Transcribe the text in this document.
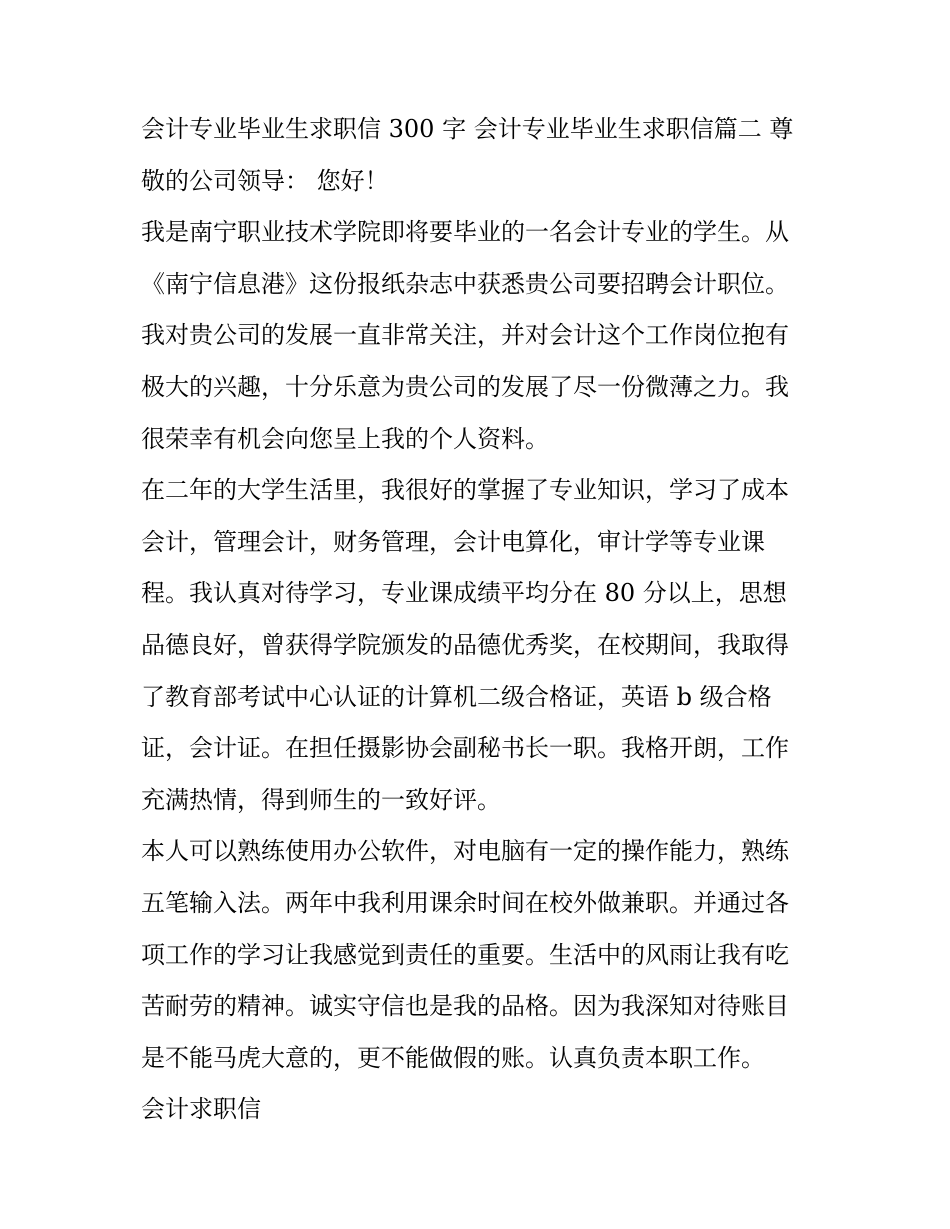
会计专业毕业生求职信 300 字 会计专业毕业生求职信篇二 尊
敬的公司领导： 您好！
我是南宁职业技术学院即将要毕业的一名会计专业的学生。从
《南宁信息港》这份报纸杂志中获悉贵公司要招聘会计职位。
我对贵公司的发展一直非常关注，并对会计这个工作岗位抱有
极大的兴趣，十分乐意为贵公司的发展了尽一份微薄之力。我
很荣幸有机会向您呈上我的个人资料。
在二年的大学生活里，我很好的掌握了专业知识，学习了成本
会计，管理会计，财务管理，会计电算化，审计学等专业课
程。我认真对待学习，专业课成绩平均分在 80 分以上，思想
品德良好，曾获得学院颁发的品德优秀奖，在校期间，我取得
了教育部考试中心认证的计算机二级合格证，英语 b 级合格
证，会计证。在担任摄影协会副秘书长一职。我格开朗，工作
充满热情，得到师生的一致好评。
本人可以熟练使用办公软件，对电脑有一定的操作能力，熟练
五笔输入法。两年中我利用课余时间在校外做兼职。并通过各
项工作的学习让我感觉到责任的重要。生活中的风雨让我有吃
苦耐劳的精神。诚实守信也是我的品格。因为我深知对待账目
是不能马虎大意的，更不能做假的账。认真负责本职工作。
会计求职信
